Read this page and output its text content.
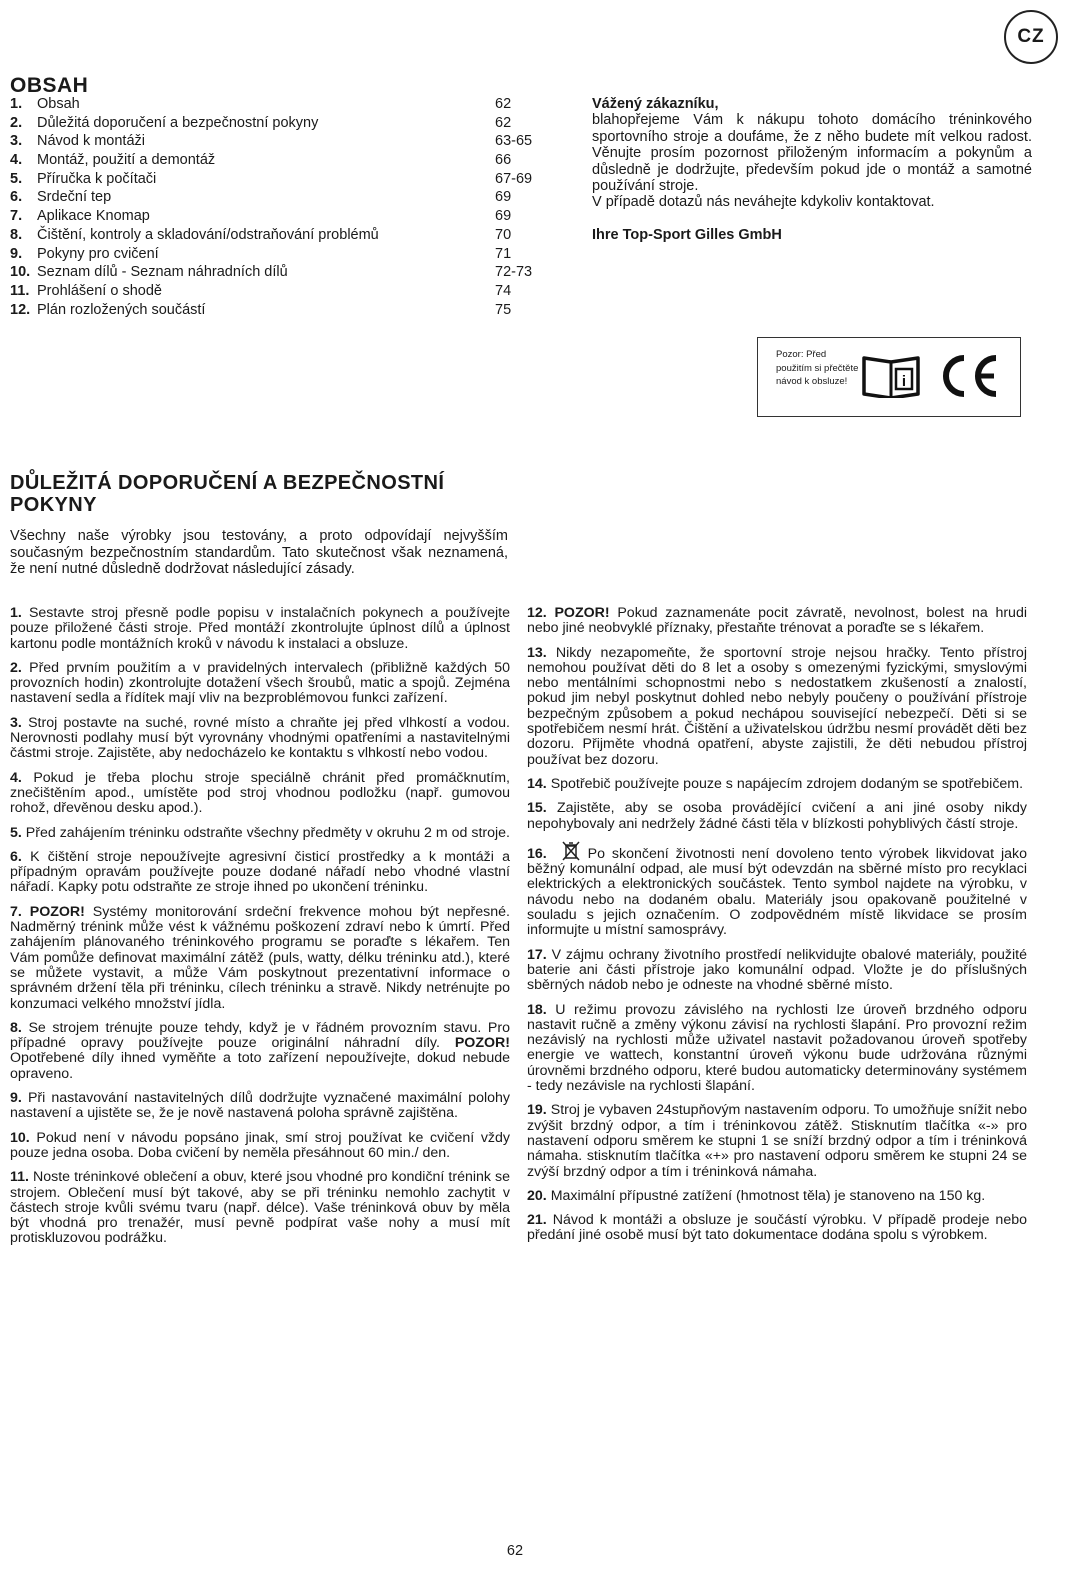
CZ
OBSAH
1. Obsah	62
2. Důležitá doporučení a bezpečnostní pokyny	62
3. Návod k montáži	63-65
4. Montáž, použití a demontáž	66
5. Příručka k počítači	67-69
6. Srdeční tep	69
7. Aplikace Knomap	69
8. Čištění, kontroly a skladování/odstraňování problémů	70
9. Pokyny pro cvičení	71
10. Seznam dílů - Seznam náhradních dílů	72-73
11. Prohlášení o shodě	74
12. Plán rozložených součástí	75
Vážený zákazníku,

blahopřejeme Vám k nákupu tohoto domácího tréninkového sportovního stroje a doufáme, že z něho budete mít velkou radost. Věnujte prosím pozornost přiloženým informacím a pokynům a důsledně je dodržujte, především pokud jde o montáž a samotné používání stroje.

V případě dotazů nás neváhejte kdykoliv kontaktovat.

Ihre Top-Sport Gilles GmbH

Pozor: Před použitím si přečtěte návod k obsluze!	i
DŮLEŽITÁ DOPORUČENÍ A BEZPEČNOSTNÍ POKYNY

Všechny naše výrobky jsou testovány, a proto odpovídají nejvyšším současným bezpečnostním standardům. Tato skutečnost však neznamená, že není nutné důsledně dodržovat následující zásady.

1. Sestavte stroj přesně podle popisu v instalačních pokynech a používejte pouze přiložené části stroje. Před montáží zkontrolujte úplnost dílů a úplnost kartonu podle montážních kroků v návodu k instalaci a obsluze.

2. Před prvním použitím a v pravidelných intervalech (přibližně každých 50 provozních hodin) zkontrolujte dotažení všech šroubů, matic a spojů. Zejména nastavení sedla a řídítek mají vliv na bezproblémovou funkci zařízení.

3. Stroj postavte na suché, rovné místo a chraňte jej před vlhkostí a vodou. Nerovnosti podlahy musí být vyrovnány vhodnými opatřeními a nastavitelnými částmi stroje. Zajistěte, aby nedocházelo ke kontaktu s vlhkostí nebo vodou.

4. Pokud je třeba plochu stroje speciálně chránit před promáčknutím, znečištěním apod., umístěte pod stroj vhodnou podložku (např. gumovou rohož, dřevěnou desku apod.).

5. Před zahájením tréninku odstraňte všechny předměty v okruhu 2 m od stroje.

6. K čištění stroje nepoužívejte agresivní čisticí prostředky a k montáži a případným opravám používejte pouze dodané nářadí nebo vhodné vlastní nářadí. Kapky potu odstraňte ze stroje ihned po ukončení tréninku.

7. POZOR! Systémy monitorování srdeční frekvence mohou být nepřesné. Nadměrný trénink může vést k vážnému poškození zdraví nebo k úmrtí. Před zahájením plánovaného tréninkového programu se poraďte s lékařem. Ten Vám pomůže definovat maximální zátěž (puls, watty, délku tréninku atd.), které se můžete vystavit, a může Vám poskytnout prezentativní informace o správném držení těla při tréninku, cílech tréninku a stravě. Nikdy netrénujte po konzumaci velkého množství jídla.

8. Se strojem trénujte pouze tehdy, když je v řádném provozním stavu. Pro případné opravy používejte pouze originální náhradní díly. POZOR! Opotřebené díly ihned vyměňte a toto zařízení nepoužívejte, dokud nebude opraveno.

9. Při nastavování nastavitelných dílů dodržujte vyznačené maximální polohy nastavení a ujistěte se, že je nově nastavená poloha správně zajištěna.

10. Pokud není v návodu popsáno jinak, smí stroj používat ke cvičení vždy pouze jedna osoba. Doba cvičení by neměla přesáhnout 60 min./ den.

11. Noste tréninkové oblečení a obuv, které jsou vhodné pro kondiční trénink se strojem. Oblečení musí být takové, aby se při tréninku nemohlo zachytit v částech stroje kvůli svému tvaru (např. délce). Vaše tréninková obuv by měla být vhodná pro trenažér, musí pevně podpírat vaše nohy a musí mít protiskluzovou podrážku.

12. POZOR! Pokud zaznamenáte pocit závratě, nevolnost, bolest na hrudi nebo jiné neobvyklé příznaky, přestaňte trénovat a poraďte se s lékařem.

13. Nikdy nezapomeňte, že sportovní stroje nejsou hračky. Tento přístroj nemohou používat děti do 8 let a osoby s omezenými fyzickými, smyslovými nebo mentálními schopnostmi nebo s nedostatkem zkušeností a znalostí, pokud jim nebyl poskytnut dohled nebo nebyly poučeny o používání přístroje bezpečným způsobem a pokud nechápou související nebezpečí. Děti si se spotřebičem nesmí hrát. Čištění a uživatelskou údržbu nesmí provádět děti bez dozoru. Přijměte vhodná opatření, abyste zajistili, že děti nebudou přístroj používat bez dozoru.

14. Spotřebič používejte pouze s napájecím zdrojem dodaným se spotřebičem.

15. Zajistěte, aby se osoba provádějící cvičení a ani jiné osoby nikdy nepohybovaly ani nedržely žádné části těla v blízkosti pohyblivých částí stroje.

16.	Po skončení životnosti není dovoleno tento výrobek likvidovat jako běžný komunální odpad, ale musí být odevzdán na sběrné místo pro recyklaci elektrických a elektronických součástek. Tento symbol najdete na výrobku, v návodu nebo na dodaném obalu. Materiály jsou opakovaně použitelné v souladu s jejich označením. O zodpovědném místě likvidace se prosím informujte u místní samosprávy.

17. V zájmu ochrany životního prostředí nelikvidujte obalové materiály, použité baterie ani části přístroje jako komunální odpad. Vložte je do příslušných sběrných nádob nebo je odneste na vhodné sběrné místo.

18. U režimu provozu závislého na rychlosti lze úroveň brzdného odporu nastavit ručně a změny výkonu závisí na rychlosti šlapání. Pro provozní režim nezávislý na rychlosti může uživatel nastavit požadovanou úroveň spotřeby energie ve wattech, konstantní úroveň výkonu bude udržována různými úrovněmi brzdného odporu, které budou automaticky determinovány systémem - tedy nezávisle na rychlosti šlapání.

19. Stroj je vybaven 24stupňovým nastavením odporu. To umožňuje snížit nebo zvýšit brzdný odpor, a tím i tréninkovou zátěž. Stisknutím tlačítka «-» pro nastavení odporu směrem ke stupni 1 se sníží brzdný odpor a tím i tréninková námaha. stisknutím tlačítka «+» pro nastavení odporu směrem ke stupni 24 se zvýší brzdný odpor a tím i tréninková námaha.

20. Maximální přípustné zatížení (hmotnost těla) je stanoveno na 150 kg.

21. Návod k montáži a obsluze je součástí výrobku. V případě prodeje nebo předání jiné osobě musí být tato dokumentace dodána spolu s výrobkem.

62
